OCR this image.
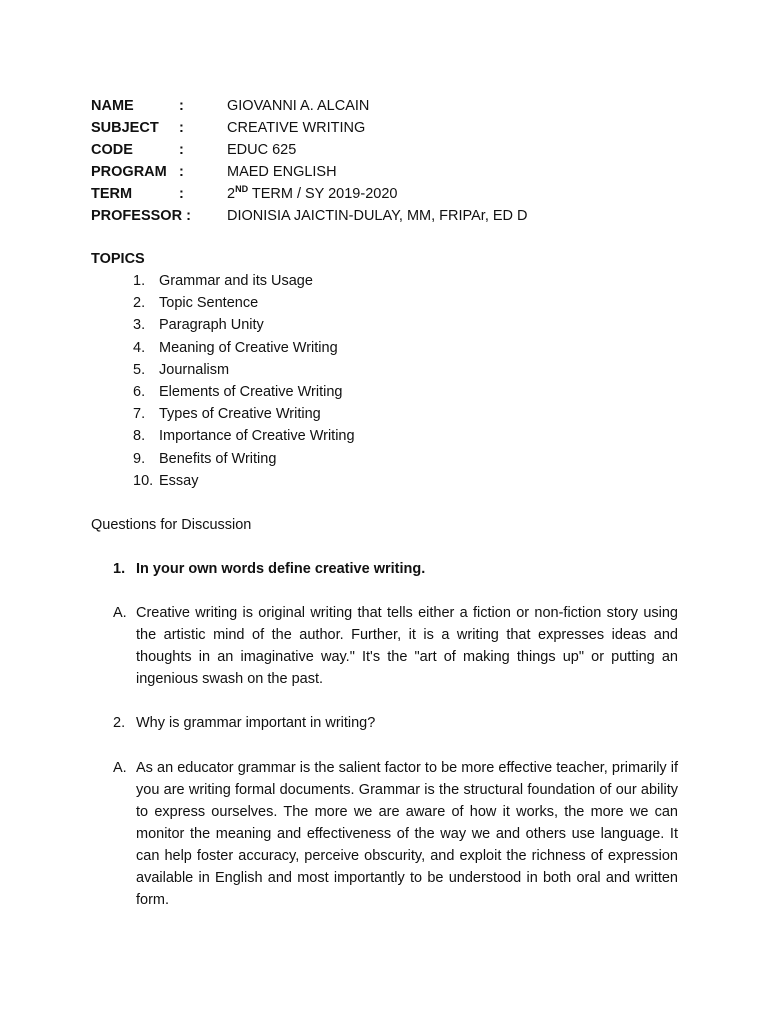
NAME	:	GIOVANNI A. ALCAIN
SUBJECT :	CREATIVE WRITING
CODE	:	EDUC 625
PROGRAM :	MAED ENGLISH
TERM	:	2ND TERM / SY 2019-2020
PROFESSOR : DIONISIA JAICTIN-DULAY, MM, FRIPAr, ED D
TOPICS
1. Grammar and its Usage
2. Topic Sentence
3. Paragraph Unity
4. Meaning of Creative Writing
5. Journalism
6. Elements of Creative Writing
7. Types of Creative Writing
8. Importance of Creative Writing
9. Benefits of Writing
10. Essay
Questions for Discussion
1. In your own words define creative writing.
A. Creative writing is original writing that tells either a fiction or non-fiction story using the artistic mind of the author. Further, it is a writing that expresses ideas and thoughts in an imaginative way." It's the "art of making things up" or putting an ingenious swash on the past.
2. Why is grammar important in writing?
A. As an educator grammar is the salient factor to be more effective teacher, primarily if you are writing formal documents. Grammar is the structural foundation of our ability to express ourselves. The more we are aware of how it works, the more we can monitor the meaning and effectiveness of the way we and others use language. It can help foster accuracy, perceive obscurity, and exploit the richness of expression available in English and most importantly to be understood in both oral and written form.
